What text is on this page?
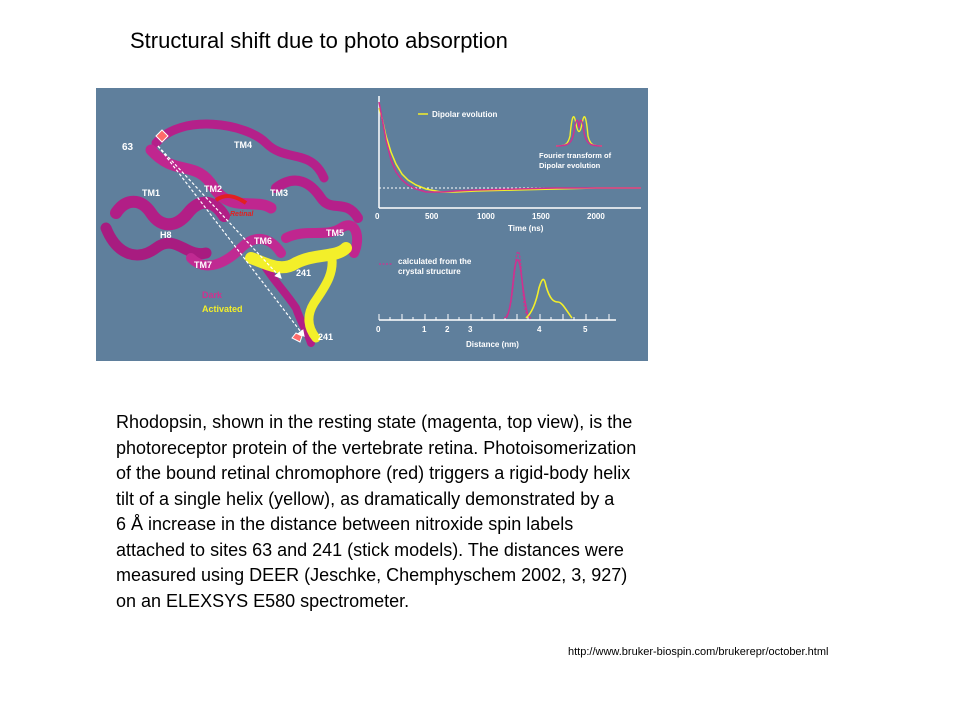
Structural shift due to photo absorption
63	TM4
TM1	TM2	TM3
Retinal
H8	TM5
TM6
TM7
241
241
Dark
Activated
Dipolar evolution
Fourier transform of
Dipolar evolution
0	500	1000	1500	2000
Time (ns)
calculated from the
crystal structure
0	1 2 3	4	5
Distance (nm)
Rhodopsin, shown in the resting state (magenta, top view), is the
photoreceptor protein of the vertebrate retina. Photoisomerization
of the bound retinal chromophore (red) triggers a rigid-body helix
tilt of a single helix (yellow), as dramatically demonstrated by a
6 Å increase in the distance between nitroxide spin labels
attached to sites 63 and 241 (stick models). The distances were
measured using DEER (Jeschke, Chemphyschem 2002, 3, 927)
on an ELEXSYS E580 spectrometer.
http://www.bruker-biospin.com/brukerepr/october.html
